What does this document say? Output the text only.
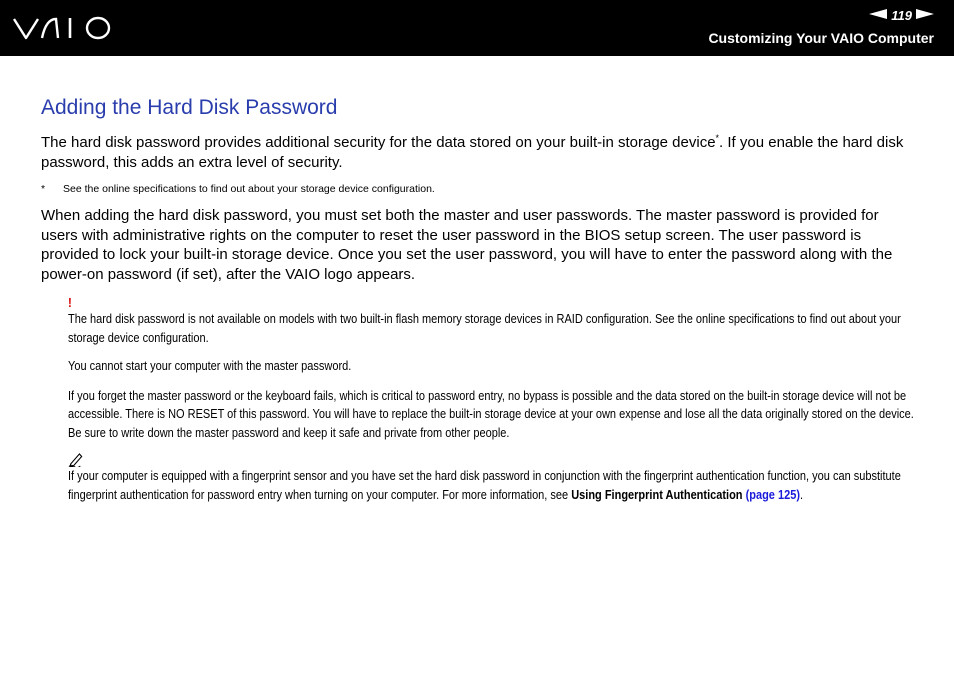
119
Customizing Your VAIO Computer
Adding the Hard Disk Password

The hard disk password provides additional security for the data stored on your built-in storage device*. If you enable the hard disk password, this adds an extra level of security.

*	See the online specifications to find out about your storage device configuration.

When adding the hard disk password, you must set both the master and user passwords. The master password is provided for users with administrative rights on the computer to reset the user password in the BIOS setup screen. The user password is provided to lock your built-in storage device. Once you set the user password, you will have to enter the password along with the power-on password (if set), after the VAIO logo appears.

!

The hard disk password is not available on models with two built-in flash memory storage devices in RAID configuration. See the online specifications to find out about your storage device configuration.

You cannot start your computer with the master password.

If you forget the master password or the keyboard fails, which is critical to password entry, no bypass is possible and the data stored on the built-in storage device will not be accessible. There is NO RESET of this password. You will have to replace the built-in storage device at your own expense and lose all the data originally stored on the device. Be sure to write down the master password and keep it safe and private from other people.

If your computer is equipped with a fingerprint sensor and you have set the hard disk password in conjunction with the fingerprint authentication function, you can substitute fingerprint authentication for password entry when turning on your computer. For more information, see Using Fingerprint Authentication (page 125).
